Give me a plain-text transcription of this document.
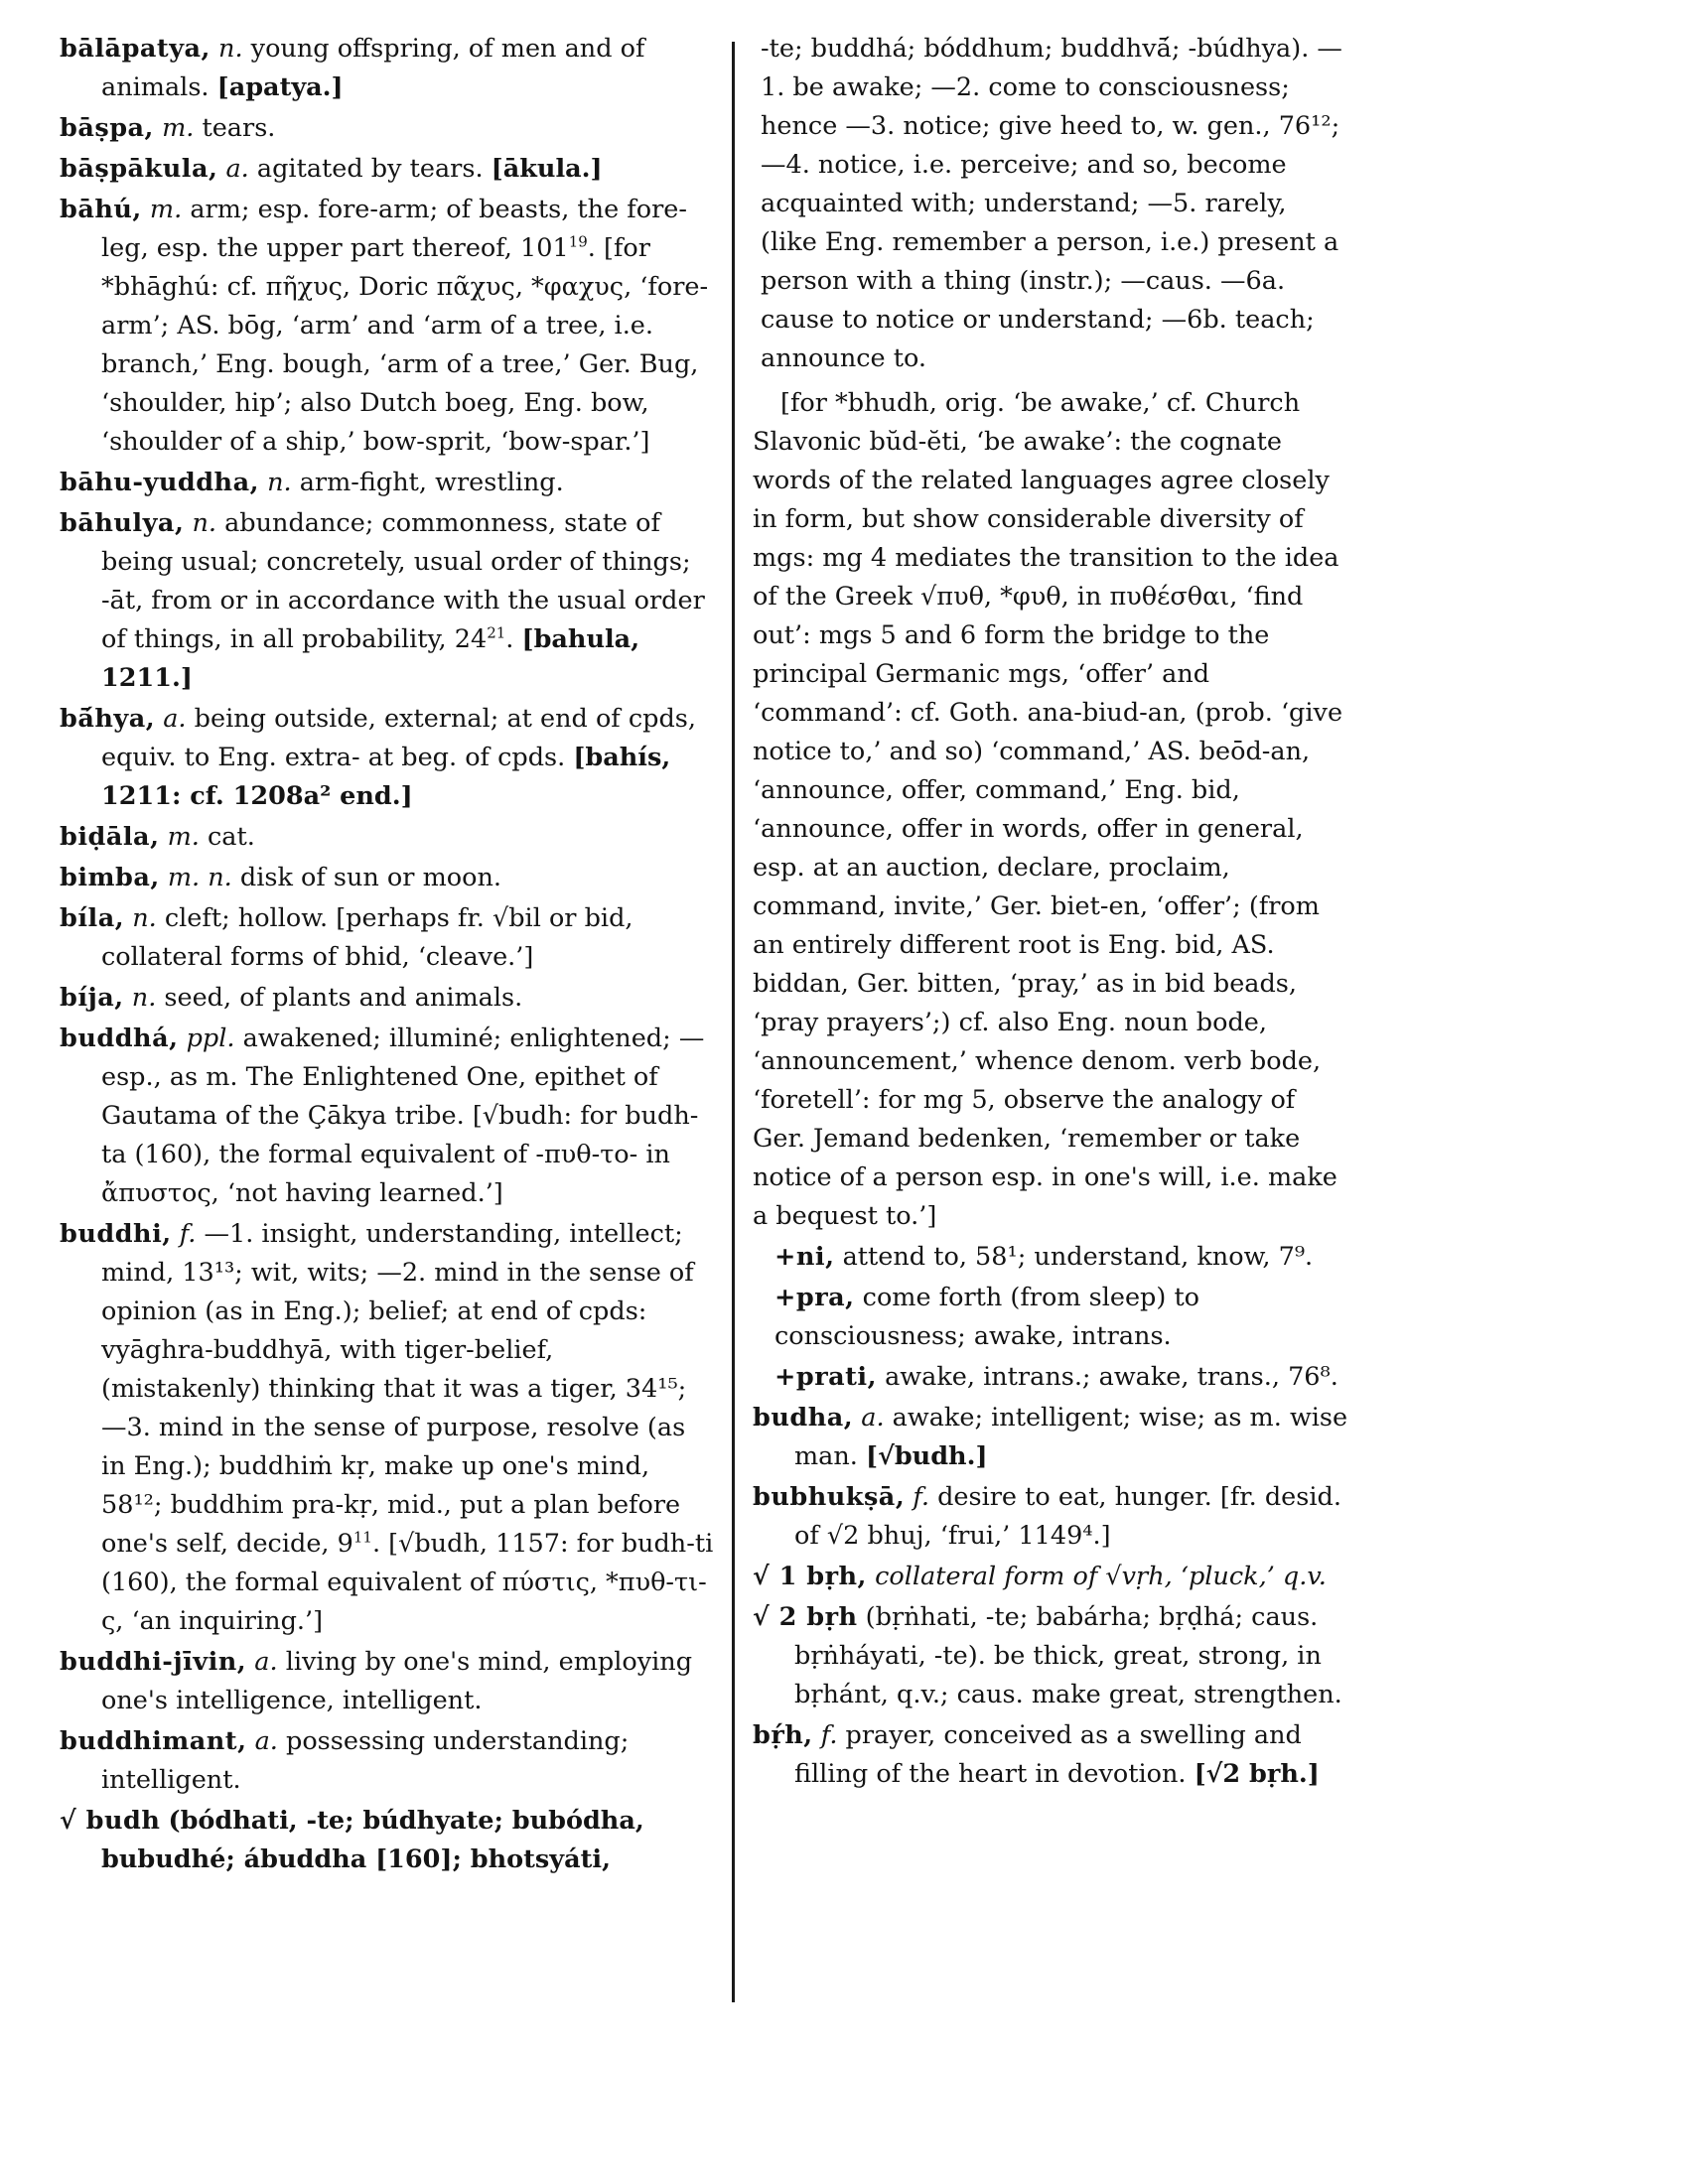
bālāpatya, n. young offspring, of men and of animals. [apatya.]

bāṣpa, m. tears.

bāṣpākula, a. agitated by tears. [ākula.]

bāhú, m. arm; esp. fore-arm; of beasts, the fore-leg, esp. the upper part thereof, $101^{19}$. [for *bhāghú: cf. πῆχυς, Doric πᾶχυς, *φαχυς, ‘fore-arm’; AS. bōg, ‘arm’ and ‘arm of a tree, i.e. branch,’ Eng. bough, ‘arm of a tree,’ Ger. Bug, ‘shoulder, hip’; also Dutch boeg, Eng. bow, ‘shoulder of a ship,’ bow-sprit, ‘bow-spar.’]

bāhu-yuddha, n. arm-fight, wrestling.

bāhulya, n. abundance; commonness, state of being usual; concretely, usual order of things; -āt, from or in accordance with the usual order of things, in all probability, $24^{21}$. [bahula, 1211.]

bā́hya, a. being outside, external; at end of cpds, equiv. to Eng. extra- at beg. of cpds. [bahís, 1211: cf. 1208a² end.]

biḍāla, m. cat.

bimba, m. n. disk of sun or moon.

bíla, n. cleft; hollow. [perhaps fr. √bil or bid, collateral forms of bhid, ‘cleave.’]

bíja, n. seed, of plants and animals.

buddhá, ppl. awakened; illuminé; enlightened; —esp., as m. The Enlightened One, epithet of Gautama of the Çākya tribe. [√budh: for budh-ta (160), the formal equivalent of -πυθ-το- in ἄπυστος, ‘not having learned.’]

buddhi, f. —1. insight, understanding, intellect; mind, 13¹³; wit, wits; —2. mind in the sense of opinion (as in Eng.); belief; at end of cpds: vyāghra-buddhyā, with tiger-belief, (mistakenly) thinking that it was a tiger, 34¹⁵; —3. mind in the sense of purpose, resolve (as in Eng.); buddhiṁ kṛ, make up one's mind, 58¹²; buddhim pra-kṛ, mid., put a plan before one's self, decide, $9^{11}$. [√budh, 1157: for budh-ti (160), the formal equivalent of πύστις, *πυθ-τι-ς, ‘an inquiring.’]

buddhi-jīvin, a. living by one's mind, employing one's intelligence, intelligent.

buddhimant, a. possessing understanding; intelligent.

√ budh (bódhati, -te; búdhyate; bubódha, bubudhé; ábuddha [160]; bhotsyáti,

-te; buddhá; bóddhum; buddhvā́; -búdhya). —1. be awake; —2. come to consciousness; hence —3. notice; give heed to, w. gen., 76¹²; —4. notice, i.e. perceive; and so, become acquainted with; understand; —5. rarely, (like Eng. remember a person, i.e.) present a person with a thing (instr.); —caus. —6a. cause to notice or understand; —6b. teach; announce to.

[for *bhudh, orig. ‘be awake,’ cf. Church Slavonic bŭd-ĕti, ‘be awake’: the cognate words of the related languages agree closely in form, but show considerable diversity of mgs: mg 4 mediates the transition to the idea of the Greek √πυθ, *φυθ, in πυθέσθαι, ‘find out’: mgs 5 and 6 form the bridge to the principal Germanic mgs, ‘offer’ and ‘command’: cf. Goth. ana-biud-an, (prob. ‘give notice to,’ and so) ‘command,’ AS. beōd-an, ‘announce, offer, command,’ Eng. bid, ‘announce, offer in words, offer in general, esp. at an auction, declare, proclaim, command, invite,’ Ger. biet-en, ‘offer’; (from an entirely different root is Eng. bid, AS. biddan, Ger. bitten, ‘pray,’ as in bid beads, ‘pray prayers’;) cf. also Eng. noun bode, ‘announcement,’ whence denom. verb bode, ‘foretell’: for mg 5, observe the analogy of Ger. Jemand bedenken, ‘remember or take notice of a person esp. in one's will, i.e. make a bequest to.’]

+ni, attend to, 58¹; understand, know, 7⁹.

+pra, come forth (from sleep) to consciousness; awake, intrans.

+prati, awake, intrans.; awake, trans., 76⁸.

budha, a. awake; intelligent; wise; as m. wise man. [√budh.]

bubhukṣā, f. desire to eat, hunger. [fr. desid. of √2 bhuj, ‘frui,’ 1149⁴.]

√ 1 bṛh, collateral form of √vṛh, ‘pluck,’ q.v.

√ 2 bṛh (bṛṅhati, -te; babárha; bṛḍhá; caus. bṛṅháyati, -te). be thick, great, strong, in bṛhánt, q.v.; caus. make great, strengthen.

bṛ́h, f. prayer, conceived as a swelling and filling of the heart in devotion. [√2 bṛh.]
